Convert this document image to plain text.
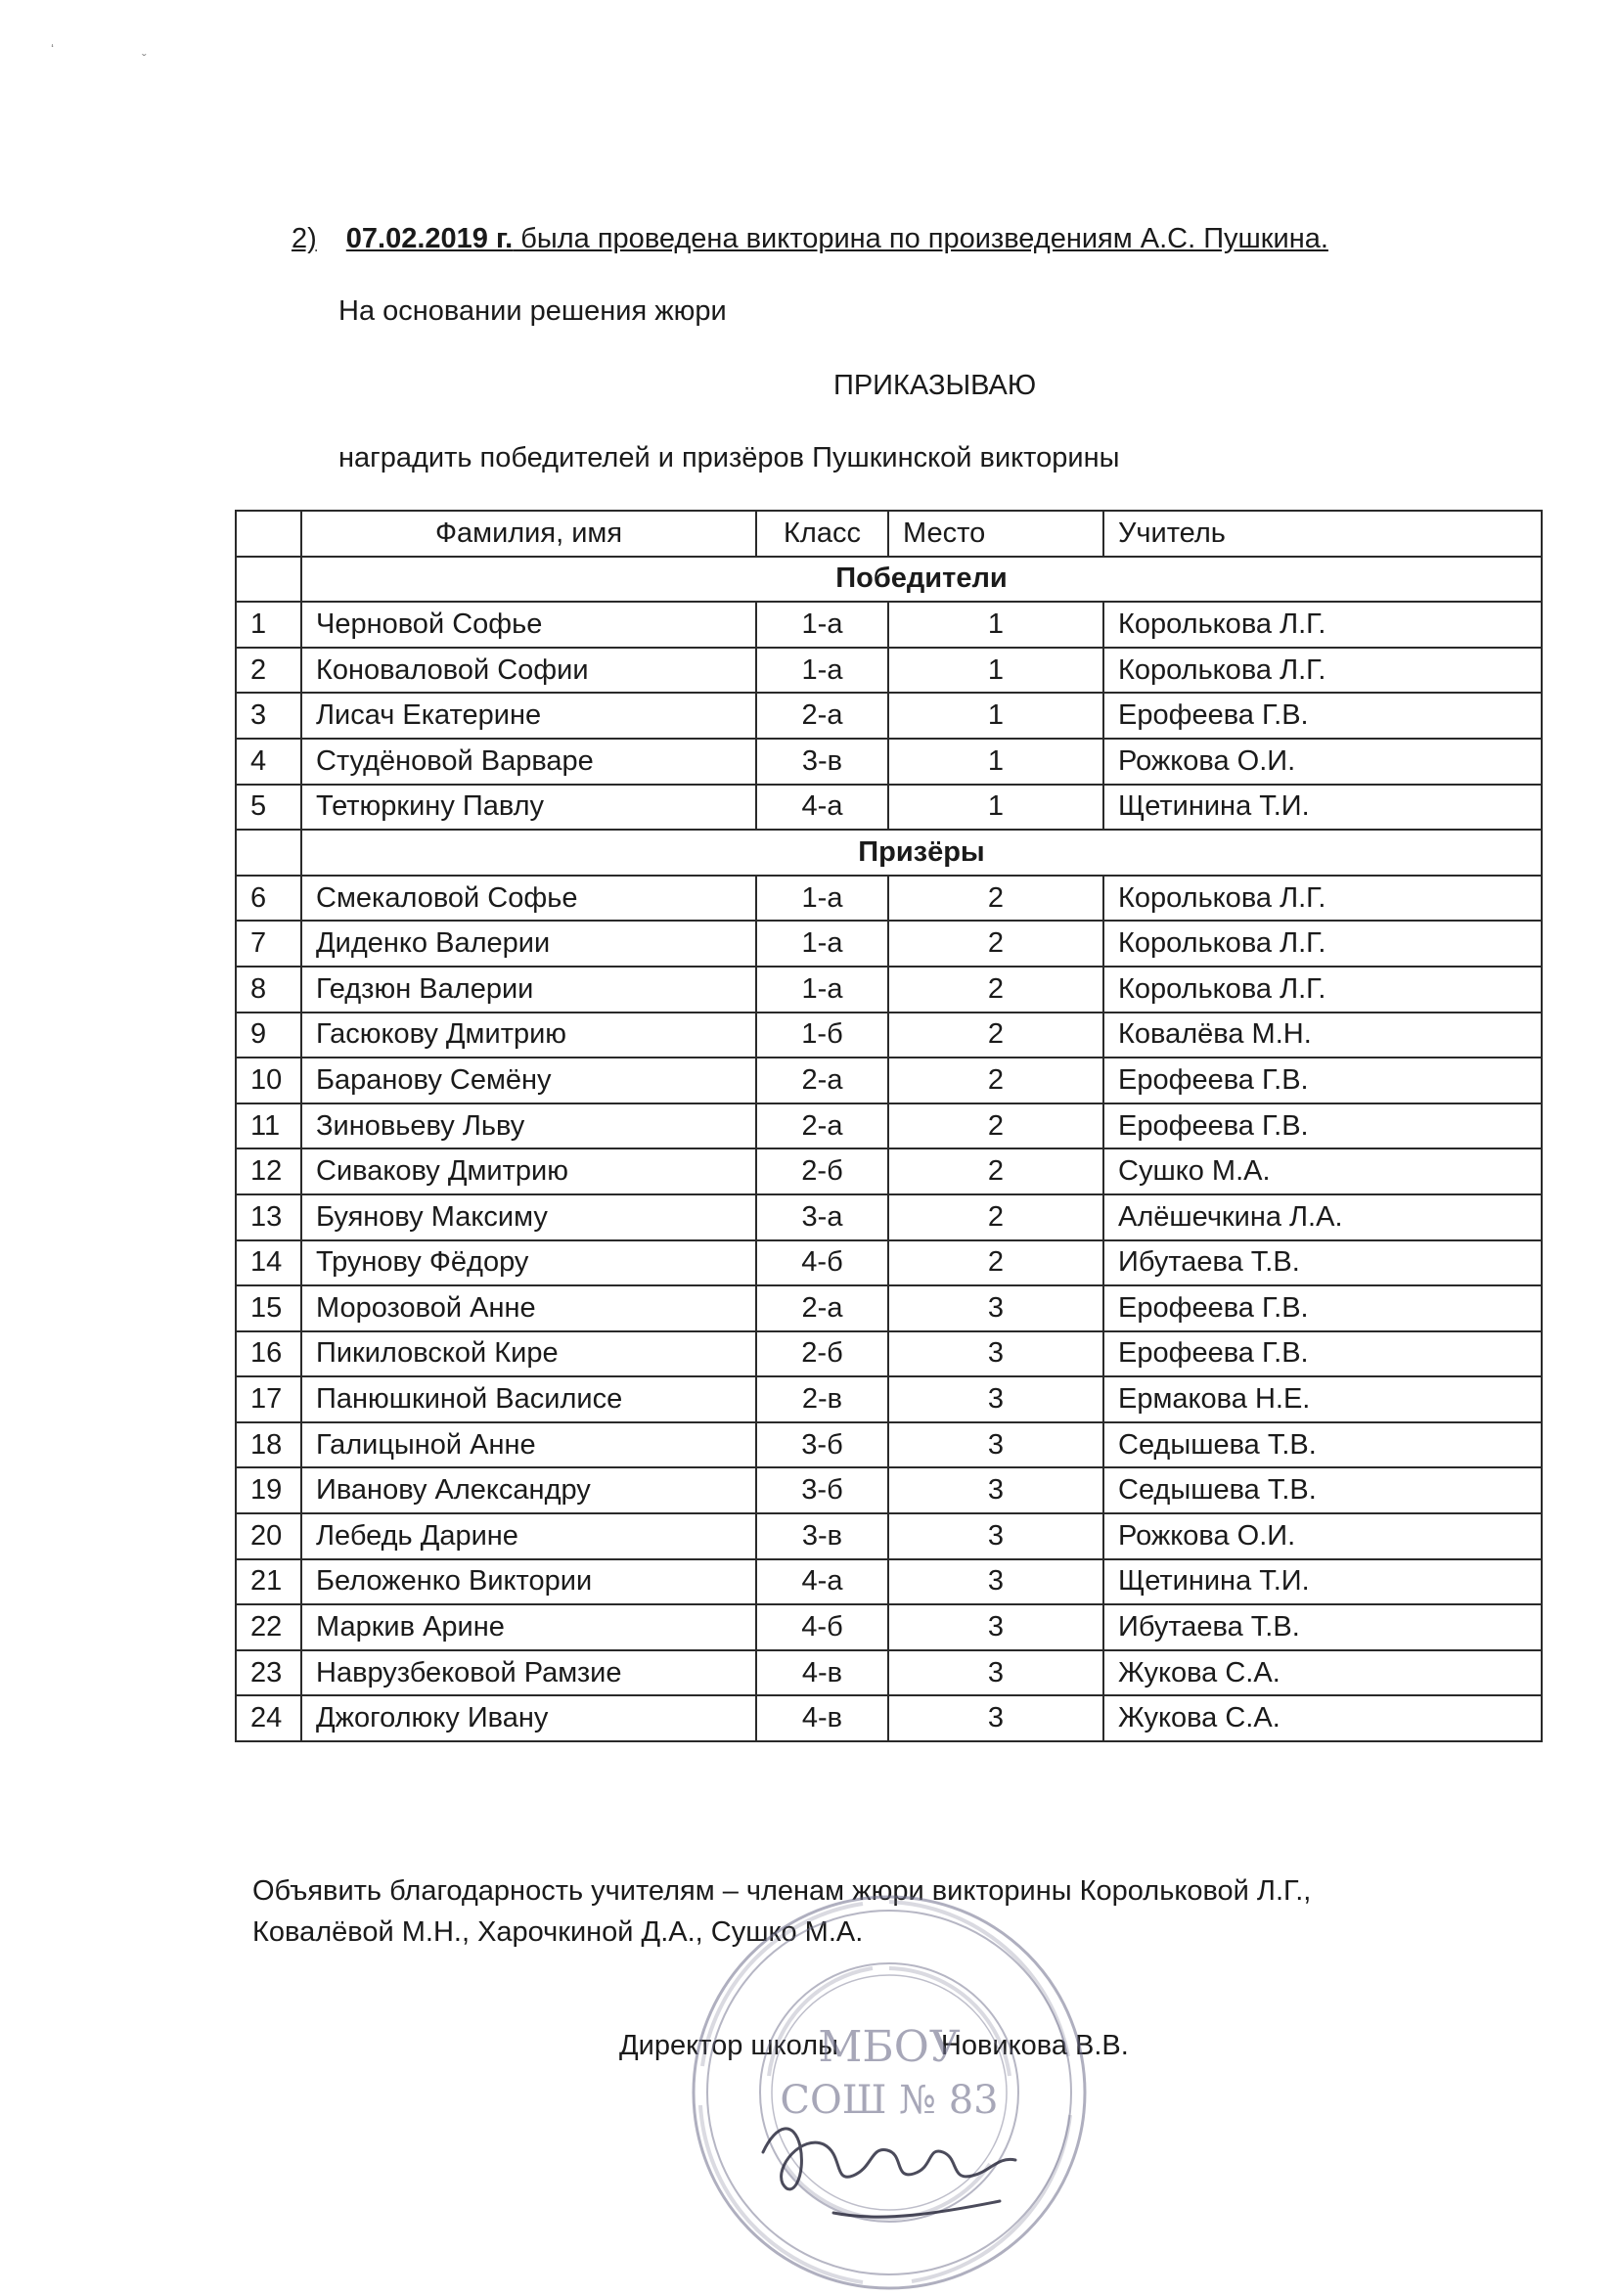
ʻ
ˇ
2) 07.02.2019 г. была проведена викторина по произведениям А.С. Пушкина.
На основании решения жюри
ПРИКАЗЫВАЮ
наградить победителей и призёров Пушкинской викторины
	Фамилия, имя	Класс	Место	Учитель
	Победители			
1	Черновой Софье	1-а	1	Королькова Л.Г.
2	Коноваловой Софии	1-а	1	Королькова Л.Г.
3	Лисач Екатерине	2-а	1	Ерофеева Г.В.
4	Студёновой Варваре	3-в	1	Рожкова О.И.
5	Тетюркину Павлу	4-а	1	Щетинина Т.И.
	Призёры			
6	Смекаловой Софье	1-а	2	Королькова Л.Г.
7	Диденко Валерии	1-а	2	Королькова Л.Г.
8	Гедзюн Валерии	1-а	2	Королькова Л.Г.
9	Гасюкову Дмитрию	1-б	2	Ковалёва М.Н.
10	Баранову Семёну	2-а	2	Ерофеева Г.В.
11	Зиновьеву Льву	2-а	2	Ерофеева Г.В.
12	Сивакову Дмитрию	2-б	2	Сушко М.А.
13	Буянову Максиму	3-а	2	Алёшечкина Л.А.
14	Трунову Фёдору	4-б	2	Ибутаева Т.В.
15	Морозовой Анне	2-а	3	Ерофеева Г.В.
16	Пикиловской Кире	2-б	3	Ерофеева Г.В.
17	Панюшкиной Василисе	2-в	3	Ермакова Н.Е.
18	Галицыной Анне	3-б	3	Седышева Т.В.
19	Иванову Александру	3-б	3	Седышева Т.В.
20	Лебедь Дарине	3-в	3	Рожкова О.И.
21	Беложенко Виктории	4-а	3	Щетинина Т.И.
22	Маркив Арине	4-б	3	Ибутаева Т.В.
23	Наврузбековой Рамзие	4-в	3	Жукова С.А.
24	Джоголюку Ивану	4-в	3	Жукова С.А.
Объявить благодарность учителям – членам жюри викторины Корольковой Л.Г., Ковалёвой М.Н., Харочкиной Д.А., Сушко М.А.
Директор школы	Новикова В.В.
МБОУ
СОШ № 83
